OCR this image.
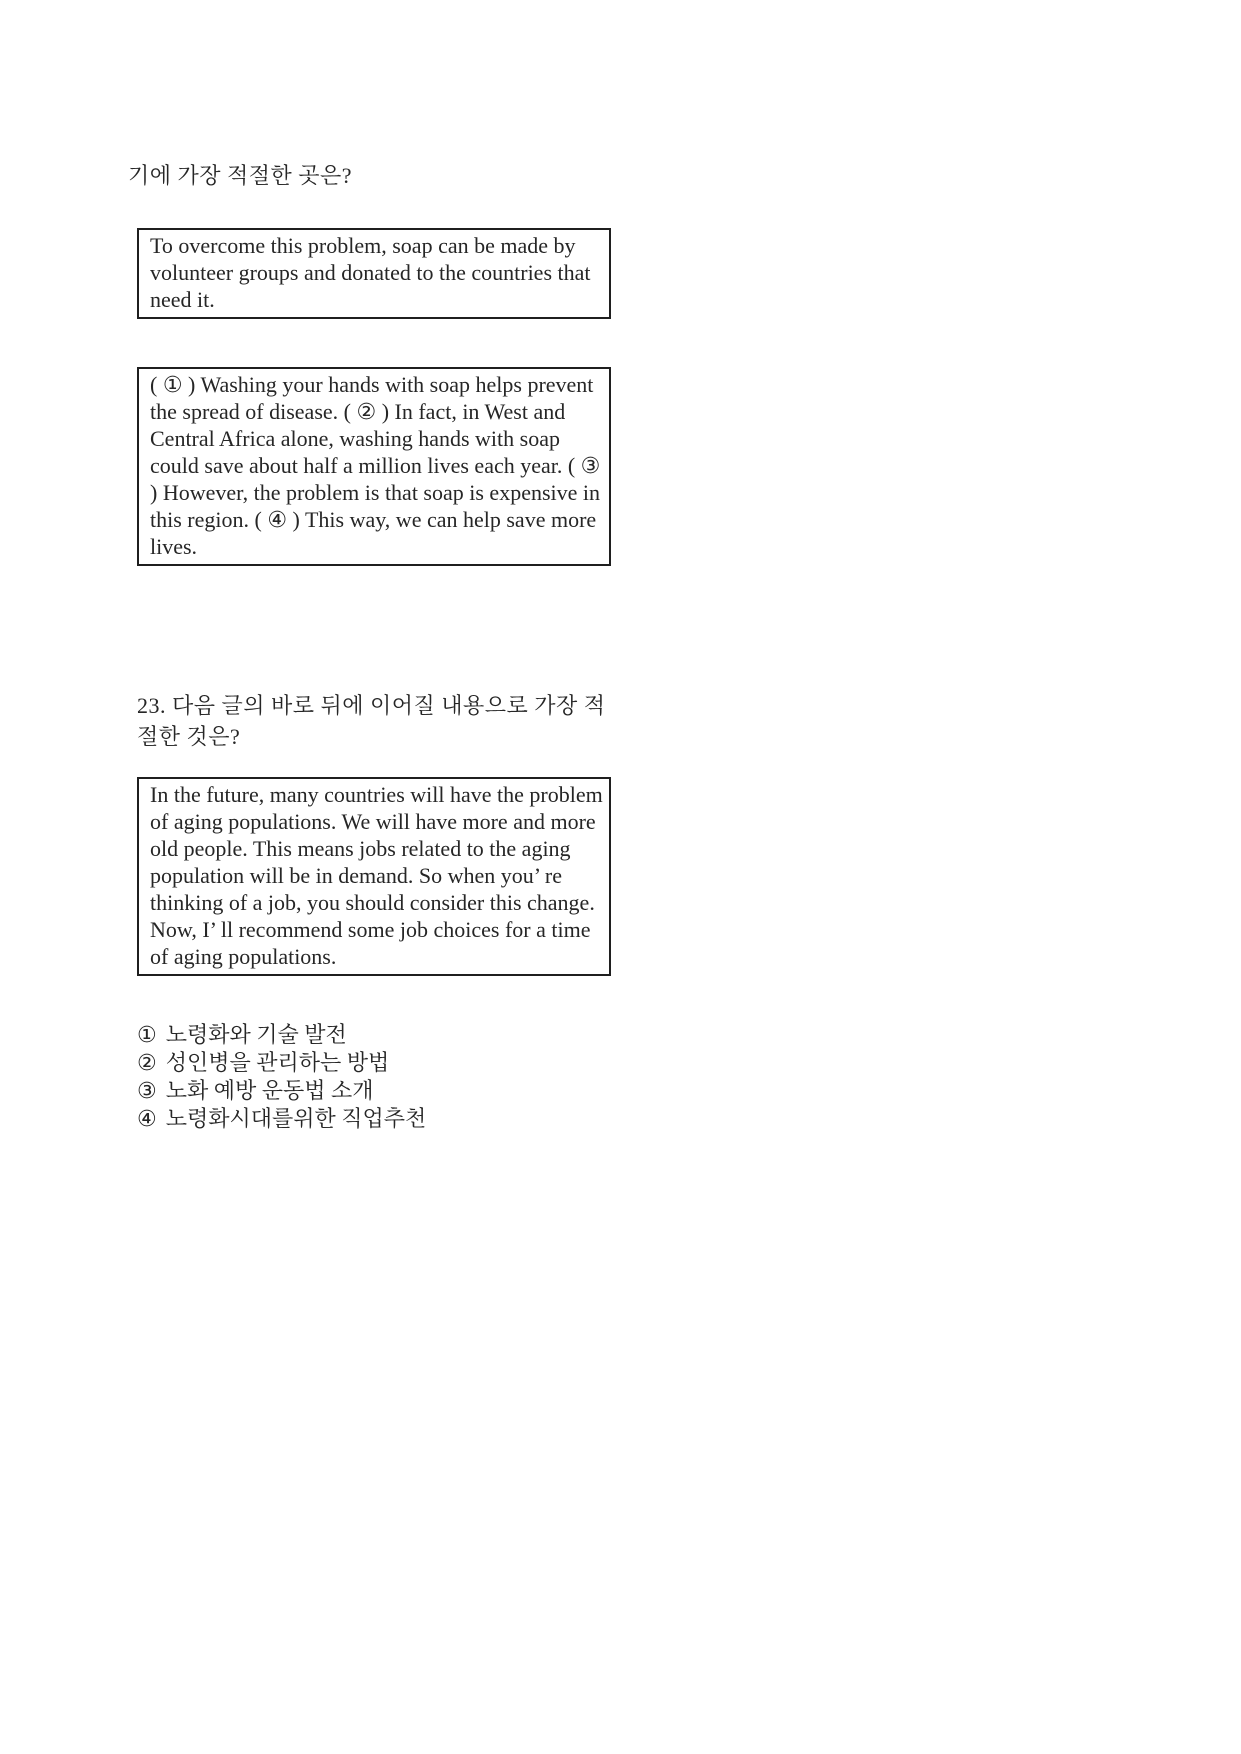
기에 가장 적절한 곳은?

To overcome this problem, soap can be made by volunteer groups and donated to the countries that need it.

( ① ) Washing your hands with soap helps prevent the spread of disease. ( ② ) In fact, in West and Central Africa alone, washing hands with soap could save about half a million lives each year. ( ③ ) However, the problem is that soap is expensive in this region. ( ④ ) This way, we can help save more lives.

23. 다음 글의 바로 뒤에 이어질 내용으로 가장 적절한 것은?

In the future, many countries will have the problem of aging populations. We will have more and more old people. This means jobs related to the aging population will be in demand. So when you’ re thinking of a job, you should consider this change. Now, I’ ll recommend some job choices for a time of aging populations.

① 노령화와 기술 발전
② 성인병을 관리하는 방법
③ 노화 예방 운동법 소개
④ 노령화시대를위한 직업추천
